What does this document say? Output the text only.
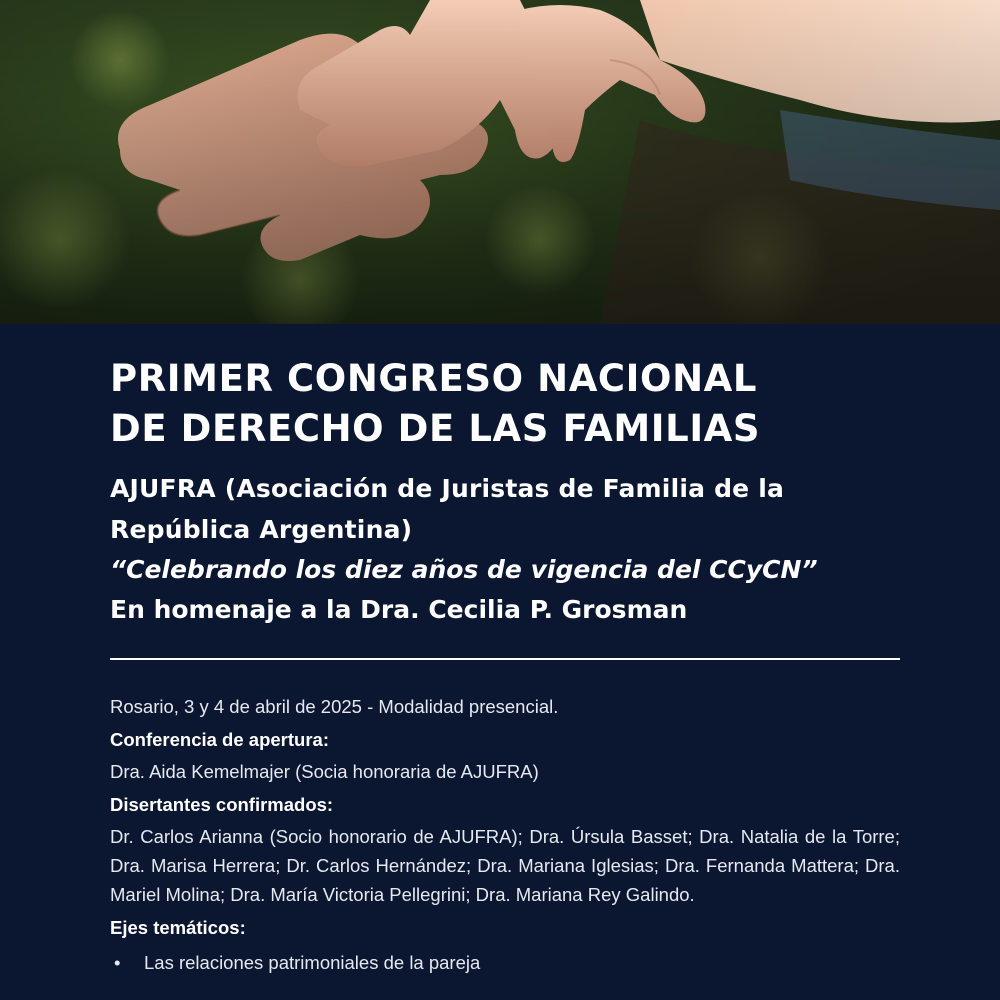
PRIMER CONGRESO NACIONAL
DE DERECHO DE LAS FAMILIAS

AJUFRA (Asociación de Juristas de Familia de la República Argentina)

“Celebrando los diez años de vigencia del CCyCN”

En homenaje a la Dra. Cecilia P. Grosman

Rosario, 3 y 4 de abril de 2025 - Modalidad presencial.

Conferencia de apertura:

Dra. Aida Kemelmajer (Socia honoraria de AJUFRA)

Disertantes confirmados:

Dr. Carlos Arianna (Socio honorario de AJUFRA); Dra. Úrsula Basset; Dra. Natalia de la Torre; Dra. Marisa Herrera; Dr. Carlos Hernández; Dra. Mariana Iglesias; Dra. Fernanda Mattera; Dra. Mariel Molina; Dra. María Victoria Pellegrini; Dra. Mariana Rey Galindo.

Ejes temáticos:

• Las relaciones patrimoniales de la pareja
